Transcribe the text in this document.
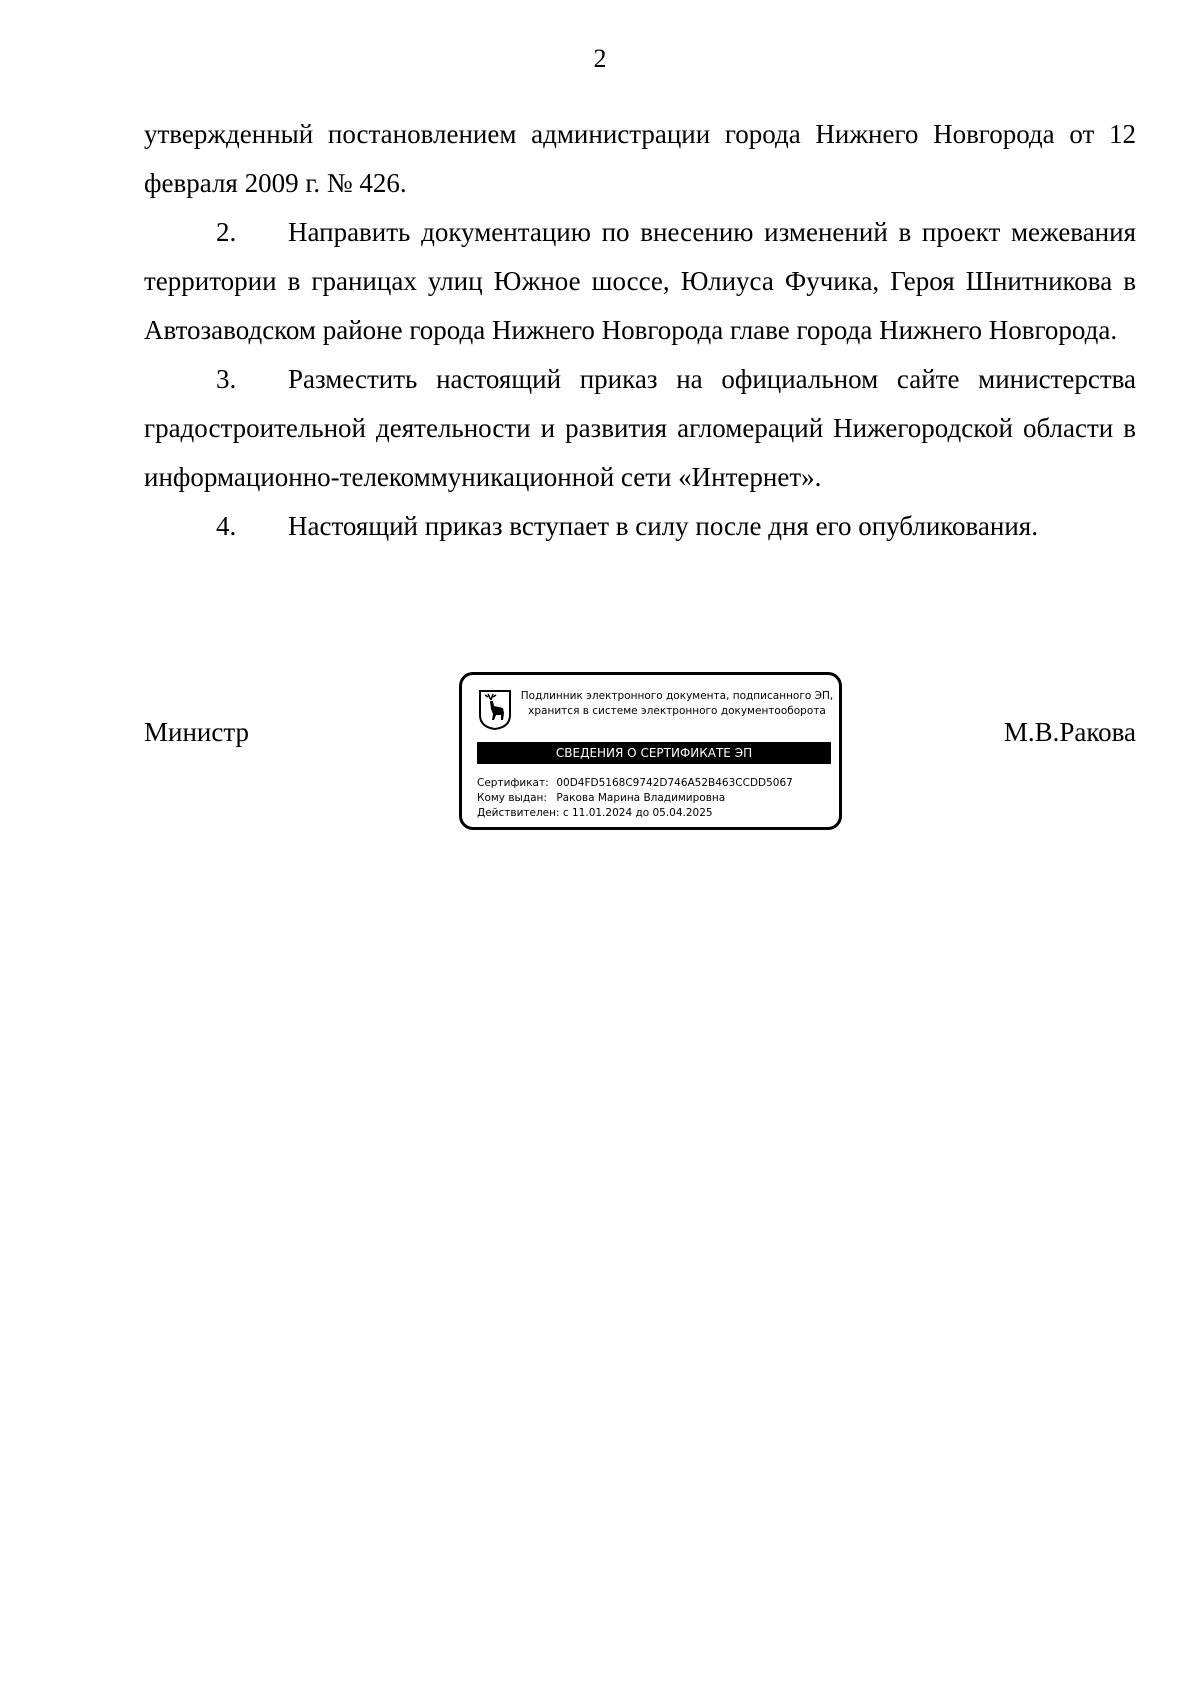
2

утвержденный постановлением администрации города Нижнего Новгорода от 12 февраля 2009 г. № 426.

2. Направить документацию по внесению изменений в проект межевания территории в границах улиц Южное шоссе, Юлиуса Фучика, Героя Шнитникова в Автозаводском районе города Нижнего Новгорода главе города Нижнего Новгорода.

3. Разместить настоящий приказ на официальном сайте министерства градостроительной деятельности и развития агломераций Нижегородской области в информационно-телекоммуникационной сети «Интернет».

4. Настоящий приказ вступает в силу после дня его опубликования.

Министр	М.В.Ракова
Подлинник электронного документа, подписанного ЭП,
хранится в системе электронного документооборота
СВЕДЕНИЯ О СЕРТИФИКАТЕ ЭП
Сертификат: 00D4FD5168C9742D746A52B463CCDD5067
Кому выдан: Ракова Марина Владимировна
Действителен: с 11.01.2024 до 05.04.2025
